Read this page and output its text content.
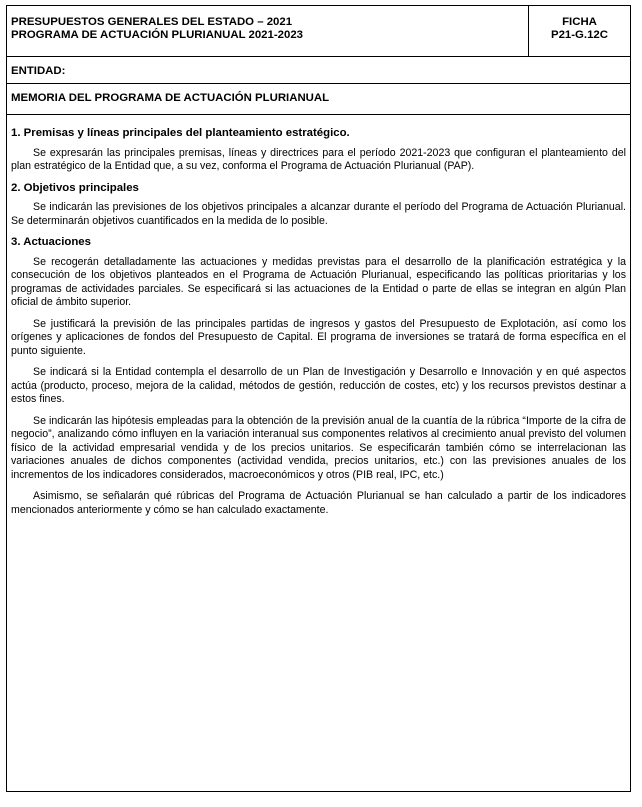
PRESUPUESTOS GENERALES DEL ESTADO – 2021
PROGRAMA DE ACTUACIÓN PLURIANUAL 2021-2023
FICHA
P21-G.12C
ENTIDAD:
MEMORIA DEL PROGRAMA DE ACTUACIÓN PLURIANUAL
1. Premisas y líneas principales del planteamiento estratégico.

Se expresarán las principales premisas, líneas y directrices para el período 2021-2023 que configuran el planteamiento del plan estratégico de la Entidad que, a su vez, conforma el Programa de Actuación Plurianual (PAP).

2. Objetivos principales

Se indicarán las previsiones de los objetivos principales a alcanzar durante el período del Programa de Actuación Plurianual. Se determinarán objetivos cuantificados en la medida de lo posible.

3. Actuaciones

Se recogerán detalladamente las actuaciones y medidas previstas para el desarrollo de la planificación estratégica y la consecución de los objetivos planteados en el Programa de Actuación Plurianual, especificando las políticas prioritarias y los programas de actividades parciales. Se especificará si las actuaciones de la Entidad o parte de ellas se integran en algún Plan oficial de ámbito superior.

Se justificará la previsión de las principales partidas de ingresos y gastos del Presupuesto de Explotación, así como los orígenes y aplicaciones de fondos del Presupuesto de Capital. El programa de inversiones se tratará de forma específica en el punto siguiente.

Se indicará si la Entidad contempla el desarrollo de un Plan de Investigación y Desarrollo e Innovación y en qué aspectos actúa (producto, proceso, mejora de la calidad, métodos de gestión, reducción de costes, etc) y los recursos previstos destinar a estos fines.

Se indicarán las hipótesis empleadas para la obtención de la previsión anual de la cuantía de la rúbrica “Importe de la cifra de negocio”, analizando cómo influyen en la variación interanual sus componentes relativos al crecimiento anual previsto del volumen físico de la actividad empresarial vendida y de los precios unitarios. Se especificarán también cómo se interrelacionan las variaciones anuales de dichos componentes (actividad vendida, precios unitarios, etc.) con las previsiones anuales de los incrementos de los indicadores considerados, macroeconómicos y otros (PIB real, IPC, etc.)

Asimismo, se señalarán qué rúbricas del Programa de Actuación Plurianual se han calculado a partir de los indicadores mencionados anteriormente y cómo se han calculado exactamente.
